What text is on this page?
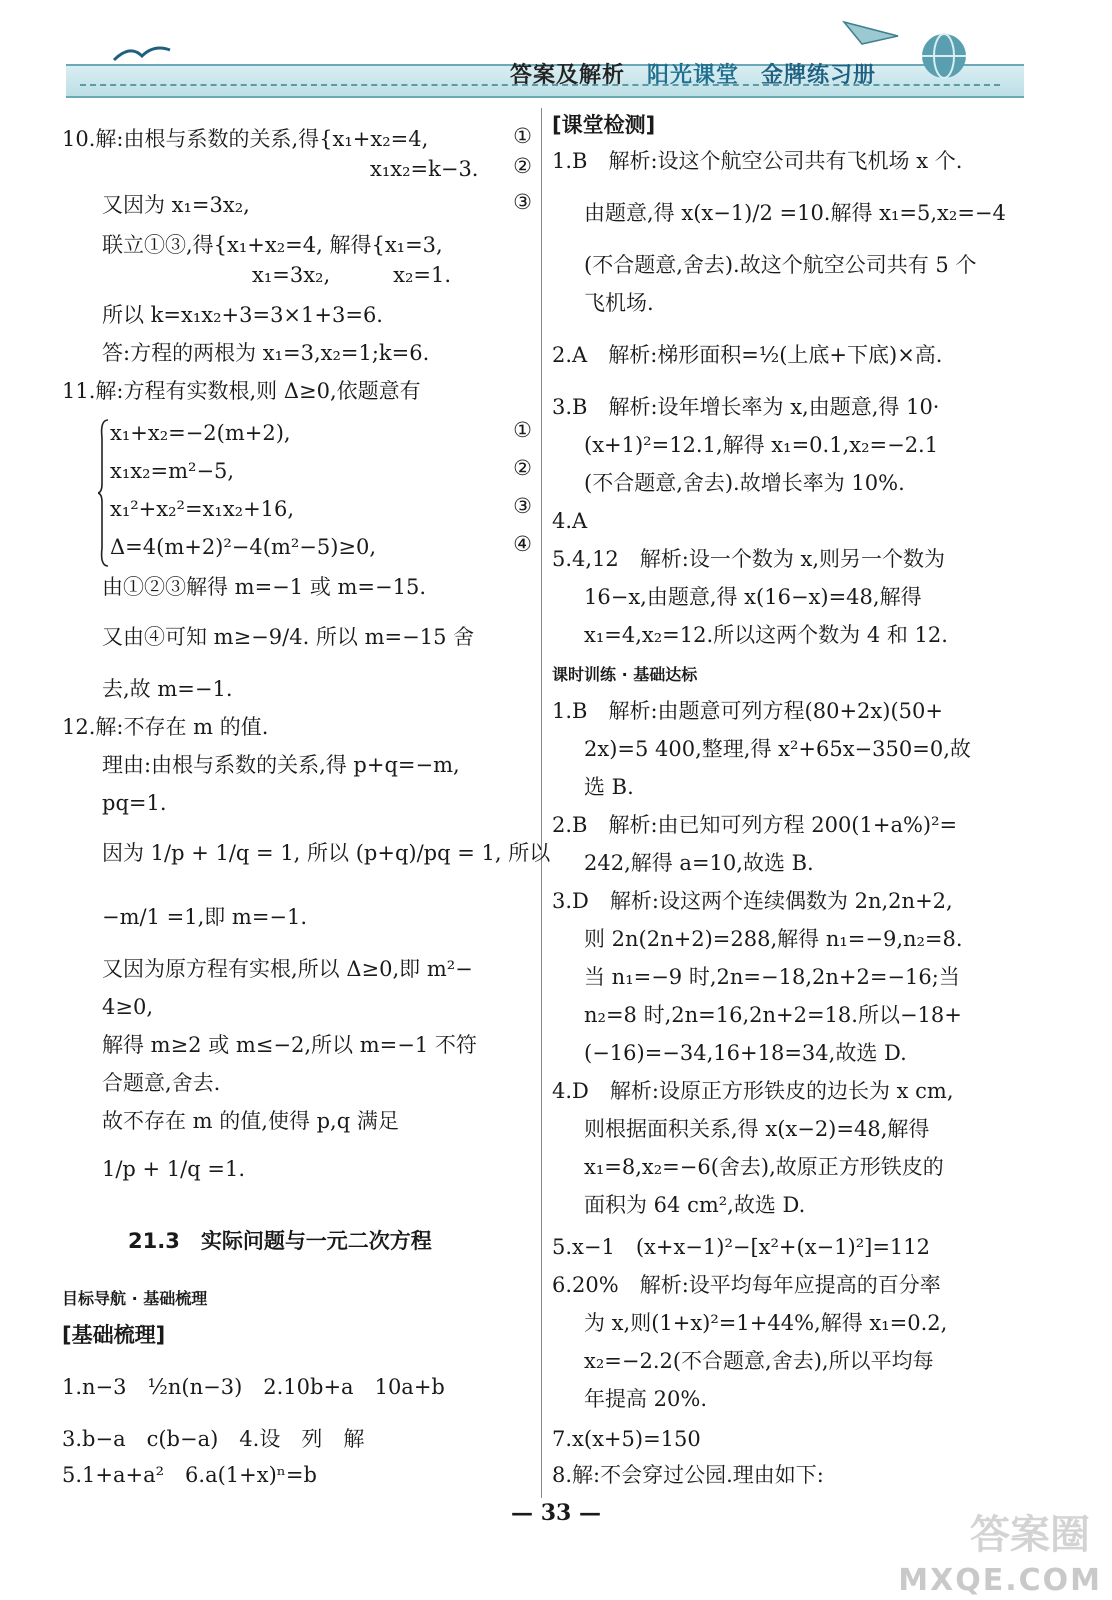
答案及解析 阳光课堂 金牌练习册
10.解:由根与系数的关系,得{x₁+x₂=4,	①
x₁x₂=k−3. ②
又因为 x₁=3x₂,	③
联立①③,得{x₁+x₂=4, 解得{x₁=3,
x₁=3x₂,　　　x₂=1.
所以 k=x₁x₂+3=3×1+3=6.
答:方程的两根为 x₁=3,x₂=1;k=6.
11.解:方程有实数根,则 Δ≥0,依题意有
x₁+x₂=−2(m+2),	①
x₁x₂=m²−5,	②
x₁²+x₂²=x₁x₂+16,	③
Δ=4(m+2)²−4(m²−5)≥0,	④
由①②③解得 m=−1 或 m=−15.
又由④可知 m≥−9/4. 所以 m=−15 舍
去,故 m=−1.
12.解:不存在 m 的值.
理由:由根与系数的关系,得 p+q=−m,
pq=1.
因为 1/p + 1/q = 1, 所以 (p+q)/pq = 1, 所以
−m/1 =1,即 m=−1.
又因为原方程有实根,所以 Δ≥0,即 m²−
4≥0,
解得 m≥2 或 m≤−2,所以 m=−1 不符
合题意,舍去.
故不存在 m 的值,使得 p,q 满足
1/p + 1/q =1.
21.3　实际问题与一元二次方程
目标导航 · 基础梳理
[基础梳理]
1.n−3　½n(n−3)　2.10b+a　10a+b
3.b−a　c(b−a)　4.设　列　解
5.1+a+a²　6.a(1+x)ⁿ=b
[课堂检测]
1.B　解析:设这个航空公司共有飞机场 x 个.
由题意,得 x(x−1)/2 =10.解得 x₁=5,x₂=−4
(不合题意,舍去).故这个航空公司共有 5 个
飞机场.
2.A　解析:梯形面积=½(上底+下底)×高.
3.B　解析:设年增长率为 x,由题意,得 10·
(x+1)²=12.1,解得 x₁=0.1,x₂=−2.1
(不合题意,舍去).故增长率为 10%.
4.A
5.4,12　解析:设一个数为 x,则另一个数为
16−x,由题意,得 x(16−x)=48,解得
x₁=4,x₂=12.所以这两个数为 4 和 12.
课时训练 · 基础达标
1.B　解析:由题意可列方程(80+2x)(50+
2x)=5 400,整理,得 x²+65x−350=0,故
选 B.
2.B　解析:由已知可列方程 200(1+a%)²=
242,解得 a=10,故选 B.
3.D　解析:设这两个连续偶数为 2n,2n+2,
则 2n(2n+2)=288,解得 n₁=−9,n₂=8.
当 n₁=−9 时,2n=−18,2n+2=−16;当
n₂=8 时,2n=16,2n+2=18.所以−18+
(−16)=−34,16+18=34,故选 D.
4.D　解析:设原正方形铁皮的边长为 x cm,
则根据面积关系,得 x(x−2)=48,解得
x₁=8,x₂=−6(舍去),故原正方形铁皮的
面积为 64 cm²,故选 D.
5.x−1　(x+x−1)²−[x²+(x−1)²]=112
6.20%　解析:设平均每年应提高的百分率
为 x,则(1+x)²=1+44%,解得 x₁=0.2,
x₂=−2.2(不合题意,舍去),所以平均每
年提高 20%.
7.x(x+5)=150
8.解:不会穿过公园.理由如下:
— 33 —	答案圈
MXQE.COM
